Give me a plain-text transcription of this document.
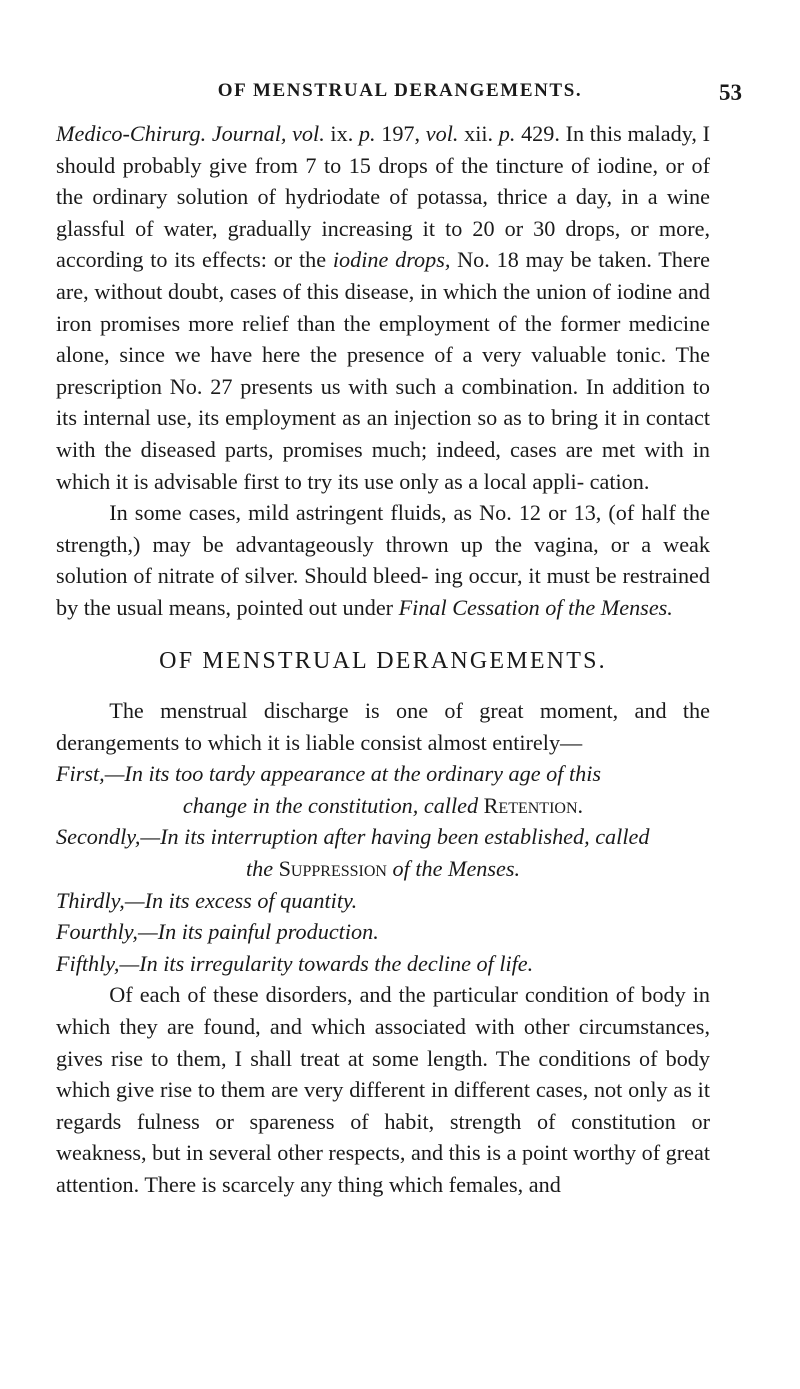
OF MENSTRUAL DERANGEMENTS.	53

Medico-Chirurg. Journal, vol. ix. p. 197, vol. xii. p. 429. In this malady, I should probably give from 7 to 15 drops of the tincture of iodine, or of the ordinary solution of hydriodate of potassa, thrice a day, in a wine glassful of water, gradually increasing it to 20 or 30 drops, or more, according to its effects: or the iodine drops, No. 18 may be taken. There are, without doubt, cases of this disease, in which the union of iodine and iron promises more relief than the employment of the former medicine alone, since we have here the presence of a very valuable tonic. The prescription No. 27 presents us with such a combination. In addition to its internal use, its employment as an injection so as to bring it in contact with the diseased parts, promises much; indeed, cases are met with in which it is advisable first to try its use only as a local appli- cation.

In some cases, mild astringent fluids, as No. 12 or 13, (of half the strength,) may be advantageously thrown up the vagina, or a weak solution of nitrate of silver. Should bleed- ing occur, it must be restrained by the usual means, pointed out under Final Cessation of the Menses.

OF MENSTRUAL DERANGEMENTS.

The menstrual discharge is one of great moment, and the derangements to which it is liable consist almost entirely—

First,—In its too tardy appearance at the ordinary age of this
change in the constitution, called Retention.

Secondly,—In its interruption after having been established, called
the Suppression of the Menses.

Thirdly,—In its excess of quantity.

Fourthly,—In its painful production.

Fifthly,—In its irregularity towards the decline of life.

Of each of these disorders, and the particular condition of body in which they are found, and which associated with other circumstances, gives rise to them, I shall treat at some length. The conditions of body which give rise to them are very different in different cases, not only as it regards fulness or spareness of habit, strength of constitution or weakness, but in several other respects, and this is a point worthy of great attention. There is scarcely any thing which females, and
